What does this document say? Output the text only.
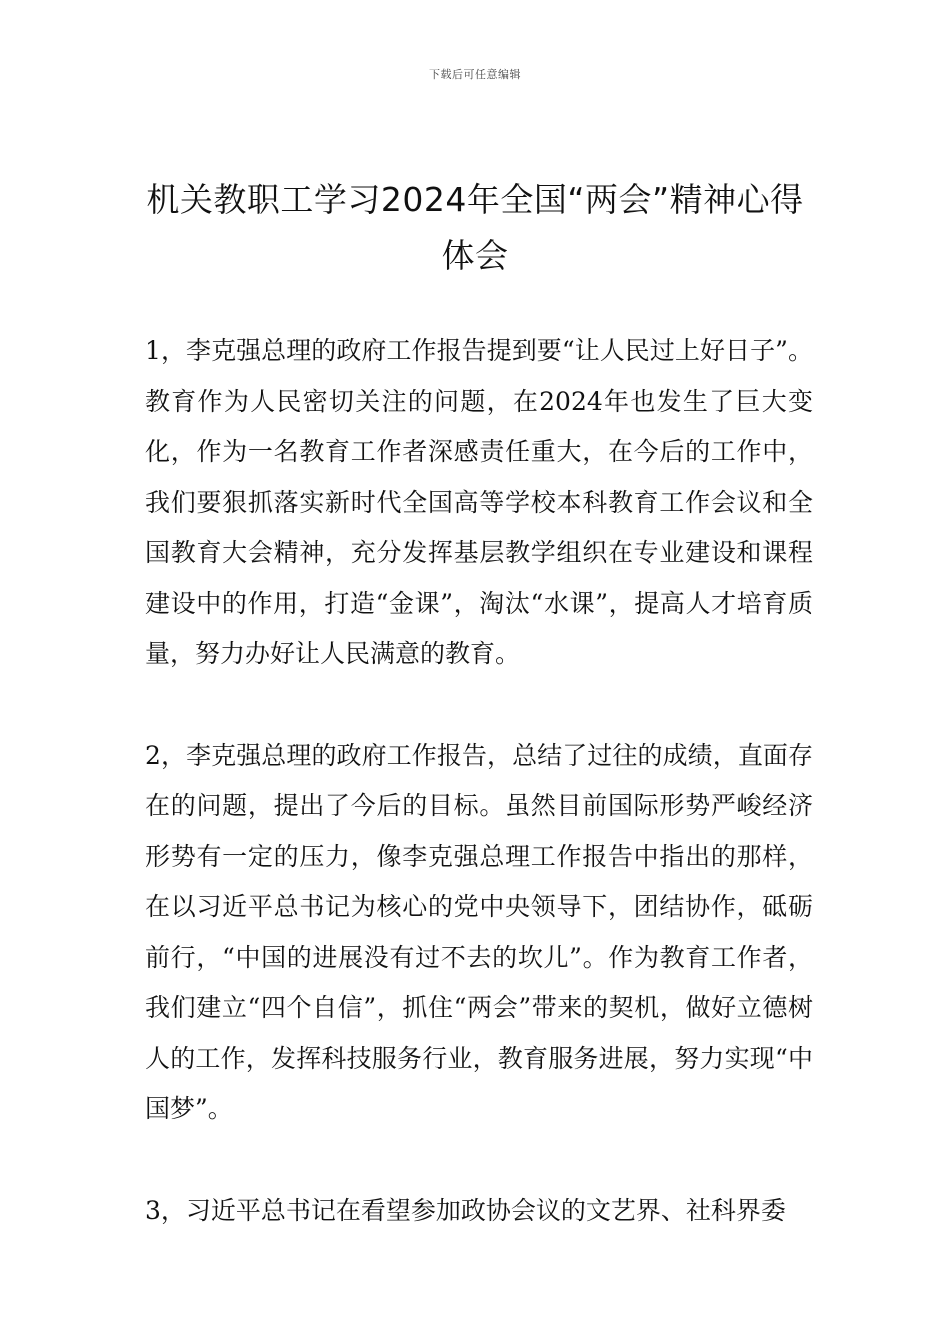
下载后可任意编辑
机关教职工学习2024年全国“两会”精神心得体会

1，李克强总理的政府工作报告提到要“让人民过上好日子”。教育作为人民密切关注的问题，在2024年也发生了巨大变化，作为一名教育工作者深感责任重大，在今后的工作中，我们要狠抓落实新时代全国高等学校本科教育工作会议和全国教育大会精神，充分发挥基层教学组织在专业建设和课程建设中的作用，打造“金课”，淘汰“水课”，提高人才培育质量，努力办好让人民满意的教育。

2，李克强总理的政府工作报告，总结了过往的成绩，直面存在的问题，提出了今后的目标。虽然目前国际形势严峻经济形势有一定的压力，像李克强总理工作报告中指出的那样，在以习近平总书记为核心的党中央领导下，团结协作，砥砺前行，“中国的进展没有过不去的坎儿”。作为教育工作者，我们建立“四个自信”，抓住“两会”带来的契机，做好立德树人的工作，发挥科技服务行业，教育服务进展，努力实现“中国梦”。

3，习近平总书记在看望参加政协会议的文艺界、社科界委
